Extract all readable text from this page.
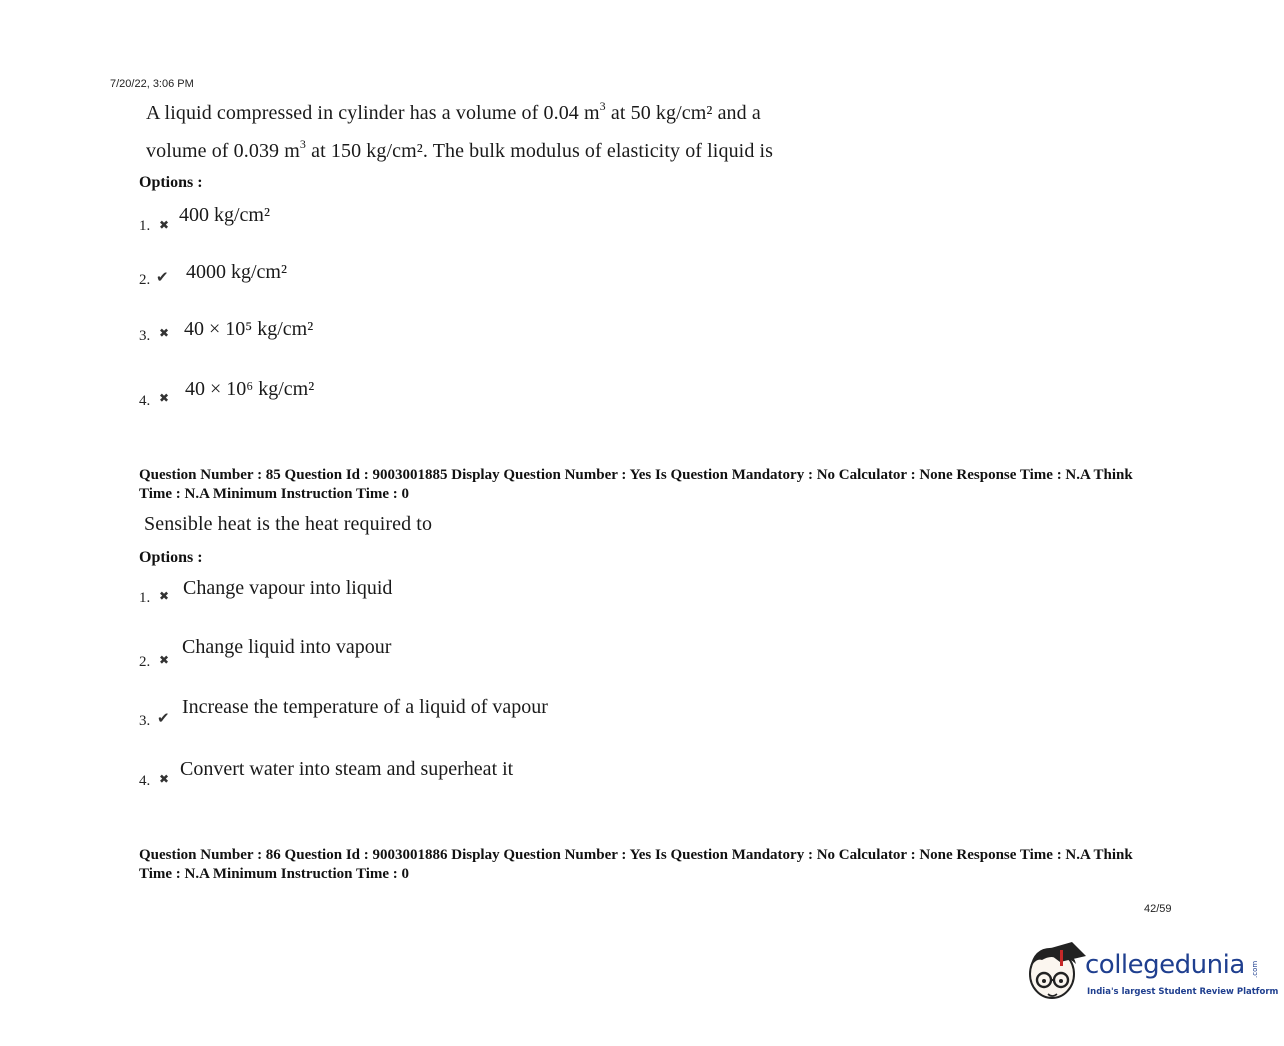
7/20/22, 3:06 PM
A liquid compressed in cylinder has a volume of 0.04 $m^3$ at 50 kg/cm² and a
volume of 0.039 $m^3$ at 150 kg/cm². The bulk modulus of elasticity of liquid is
Options :
1. ✖ 400 kg/cm²
2. ✔ 4000 kg/cm²
3. ✖ 40 × 10⁵ kg/cm²
4. ✖ 40 × 10⁶ kg/cm²
Question Number : 85 Question Id : 9003001885 Display Question Number : Yes Is Question Mandatory : No Calculator : None Response Time : N.A Think Time : N.A Minimum Instruction Time : 0
Sensible heat is the heat required to
Options :
1. ✖ Change vapour into liquid
2. ✖
Change liquid into vapour
3. ✔ Increase the temperature of a liquid of vapour
4. ✖ Convert water into steam and superheat it
Question Number : 86 Question Id : 9003001886 Display Question Number : Yes Is Question Mandatory : No Calculator : None Response Time : N.A Think Time : N.A Minimum Instruction Time : 0
42/59
.com
collegedunia
India's largest Student Review Platform
